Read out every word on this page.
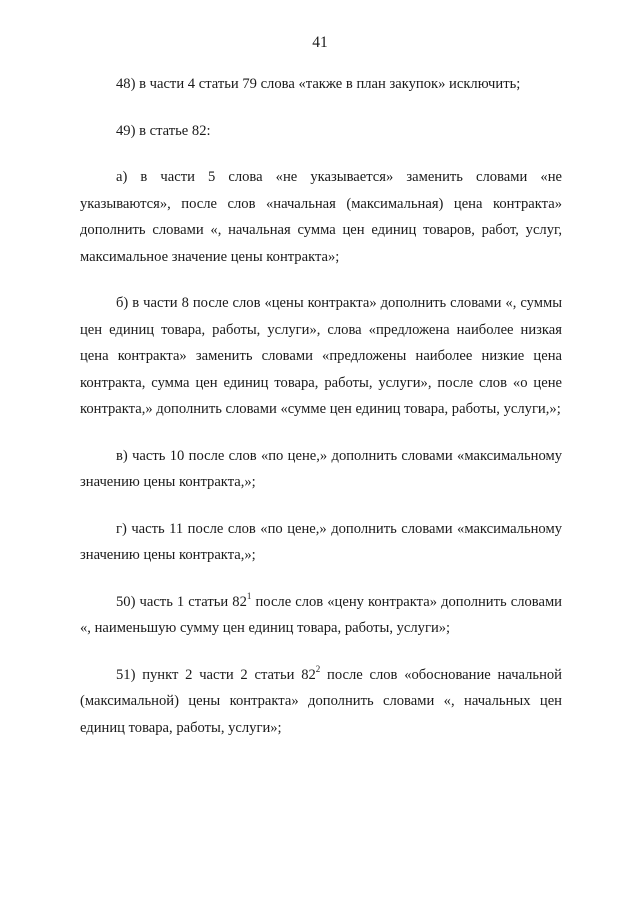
41

48) в части 4 статьи 79 слова «также в план закупок» исключить;

49) в статье 82:

а) в части 5 слова «не указывается» заменить словами «не указываются», после слов «начальная (максимальная) цена контракта» дополнить словами «, начальная сумма цен единиц товаров, работ, услуг, максимальное значение цены контракта»;

б) в части 8 после слов «цены контракта» дополнить словами «, суммы цен единиц товара, работы, услуги», слова «предложена наиболее низкая цена контракта» заменить словами «предложены наиболее низкие цена контракта, сумма цен единиц товара, работы, услуги», после слов «о цене контракта,» дополнить словами «сумме цен единиц товара, работы, услуги,»;

в) часть 10 после слов «по цене,» дополнить словами «максимальному значению цены контракта,»;

г) часть 11 после слов «по цене,» дополнить словами «максимальному значению цены контракта,»;

50) часть 1 статьи $82^1$ после слов «цену контракта» дополнить словами «, наименьшую сумму цен единиц товара, работы, услуги»;

51) пункт 2 части 2 статьи $82^2$ после слов «обоснование начальной (максимальной) цены контракта» дополнить словами «, начальных цен единиц товара, работы, услуги»;
